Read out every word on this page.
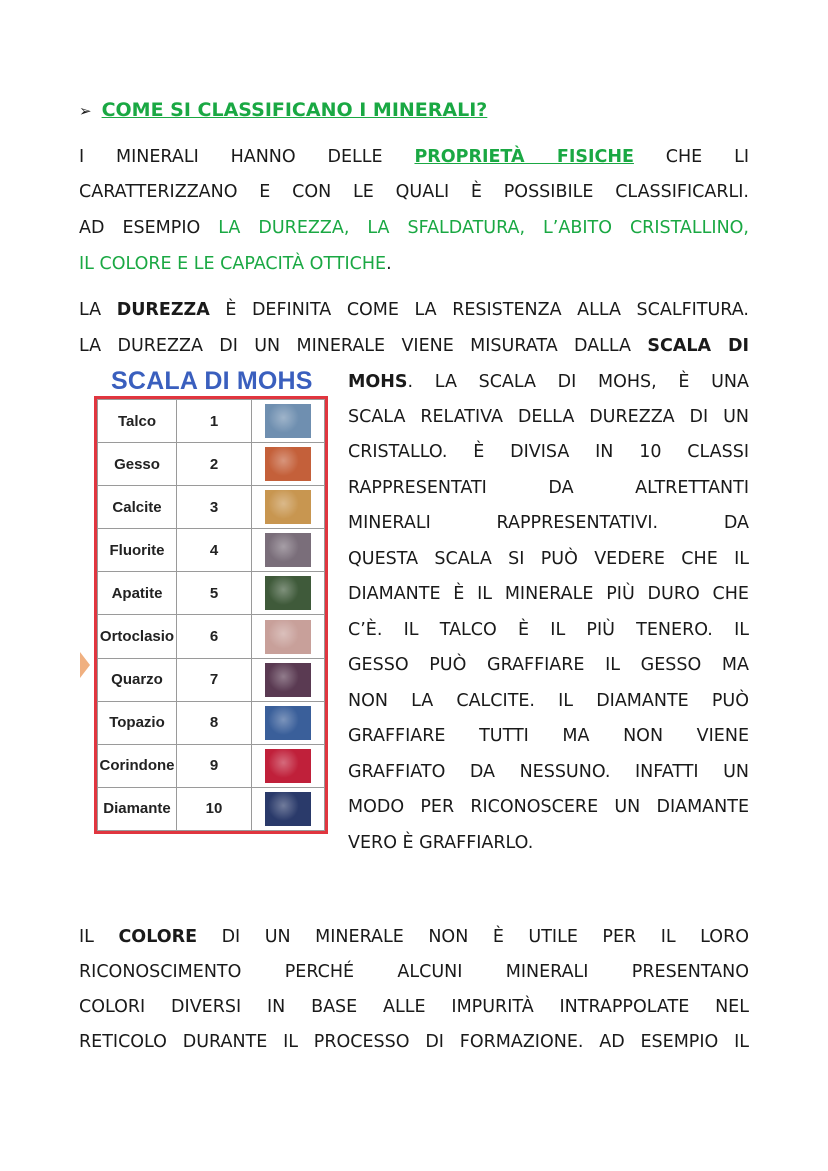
➢ COME SI CLASSIFICANO I MINERALI?
I MINERALI HANNO DELLE PROPRIETÀ FISICHE CHE LI
CARATTERIZZANO E CON LE QUALI È POSSIBILE CLASSIFICARLI.
AD ESEMPIO LA DUREZZA, LA SFALDATURA, L’ABITO CRISTALLINO,
IL COLORE E LE CAPACITÀ OTTICHE.
LA DUREZZA È DEFINITA COME LA RESISTENZA ALLA SCALFITURA.
LA DUREZZA DI UN MINERALE VIENE MISURATA DALLA SCALA DI
MOHS. LA SCALA DI MOHS, È UNA
SCALA RELATIVA DELLA DUREZZA DI UN
CRISTALLO. È DIVISA IN 10 CLASSI
RAPPRESENTATI DA ALTRETTANTI
MINERALI RAPPRESENTATIVI. DA
QUESTA SCALA SI PUÒ VEDERE CHE IL
DIAMANTE È IL MINERALE PIÙ DURO CHE
C’È. IL TALCO È IL PIÙ TENERO. IL
GESSO PUÒ GRAFFIARE IL GESSO MA
NON LA CALCITE. IL DIAMANTE PUÒ
GRAFFIARE TUTTI MA NON VIENE
GRAFFIATO DA NESSUNO. INFATTI UN
MODO PER RICONOSCERE UN DIAMANTE
VERO È GRAFFIARLO.
SCALA DI MOHS
Talco	1	
Gesso	2	
Calcite	3	
Fluorite	4	
Apatite	5	
Ortoclasio	6	
Quarzo	7	
Topazio	8	
Corindone	9	
Diamante	10	
IL COLORE DI UN MINERALE NON È UTILE PER IL LORO
RICONOSCIMENTO PERCHÉ ALCUNI MINERALI PRESENTANO
COLORI DIVERSI IN BASE ALLE IMPURITÀ INTRAPPOLATE NEL
RETICOLO DURANTE IL PROCESSO DI FORMAZIONE. AD ESEMPIO IL
